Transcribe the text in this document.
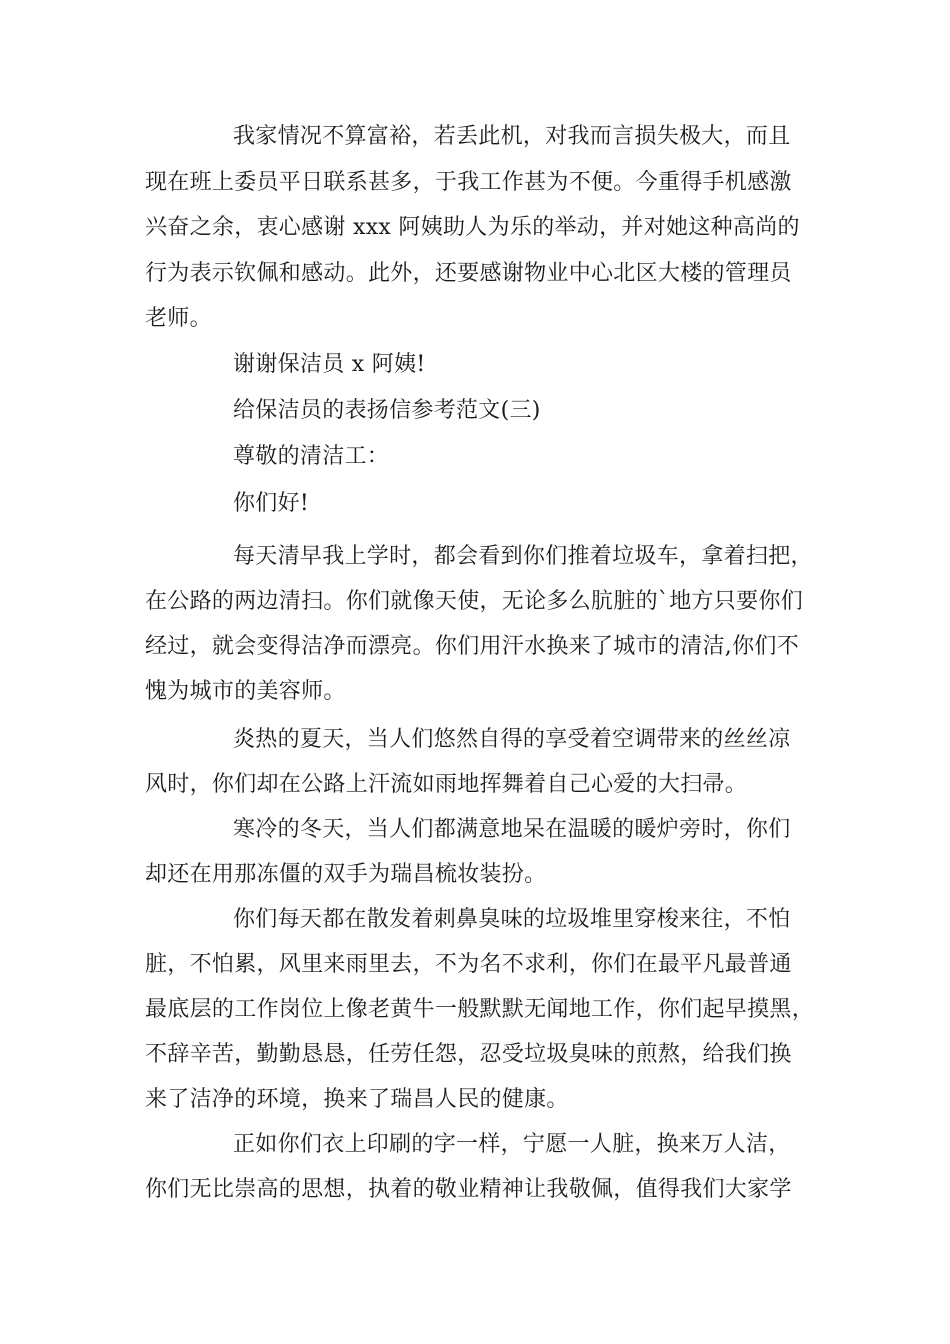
我家情况不算富裕，若丢此机，对我而言损失极大，而且
现在班上委员平日联系甚多，于我工作甚为不便。今重得手机感激
兴奋之余，衷心感谢 xxx 阿姨助人为乐的举动，并对她这种高尚的
行为表示钦佩和感动。此外，还要感谢物业中心北区大楼的管理员
老师。
谢谢保洁员 x 阿姨!
给保洁员的表扬信参考范文(三)
尊敬的清洁工：
你们好!
每天清早我上学时，都会看到你们推着垃圾车，拿着扫把，
在公路的两边清扫。你们就像天使，无论多么肮脏的`地方只要你们
经过，就会变得洁净而漂亮。你们用汗水换来了城市的清洁,你们不
愧为城市的美容师。
炎热的夏天，当人们悠然自得的享受着空调带来的丝丝凉
风时，你们却在公路上汗流如雨地挥舞着自己心爱的大扫帚。
寒冷的冬天，当人们都满意地呆在温暖的暖炉旁时，你们
却还在用那冻僵的双手为瑞昌梳妆装扮。
你们每天都在散发着刺鼻臭味的垃圾堆里穿梭来往，不怕
脏，不怕累，风里来雨里去，不为名不求利，你们在最平凡最普通
最底层的工作岗位上像老黄牛一般默默无闻地工作，你们起早摸黑，
不辞辛苦，勤勤恳恳，任劳任怨，忍受垃圾臭味的煎熬，给我们换
来了洁净的环境，换来了瑞昌人民的健康。
正如你们衣上印刷的字一样，宁愿一人脏，换来万人洁，
你们无比崇高的思想，执着的敬业精神让我敬佩，值得我们大家学
